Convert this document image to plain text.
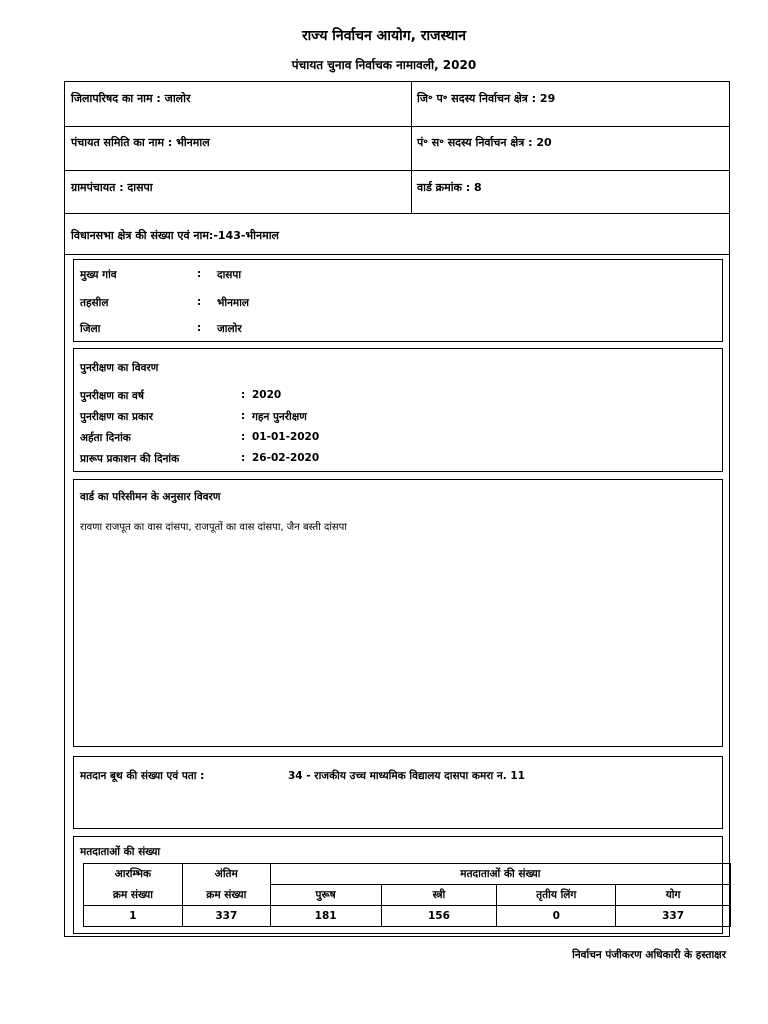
राज्य निर्वाचन आयोग, राजस्थान
पंचायत चुनाव निर्वाचक नामावली, 2020
जिलापरिषद का नाम : जालोर	जि॰ प॰ सदस्य निर्वाचन क्षेत्र : 29
पंचायत समिति का नाम : भीनमाल	पं॰ स॰ सदस्य निर्वाचन क्षेत्र : 20
ग्रामपंचायत : दासपा	वार्ड क्रमांक : 8
विधानसभा क्षेत्र की संख्या एवं नाम:-143-भीनमाल
मुख्य गांव	: दासपा
तहसील	: भीनमाल
जिला	: जालोर
पुनरीक्षण का विवरण
पुनरीक्षण का वर्ष	: 2020
पुनरीक्षण का प्रकार	: गहन पुनरीक्षण
अर्हता दिनांक	: 01-01-2020
प्रारूप प्रकाशन की दिनांक	: 26-02-2020
वार्ड का परिसीमन के अनुसार विवरण
रावणा राजपूत का वास दांसपा, राजपूतों का वास दांसपा, जैन बस्ती दांसपा
मतदान बूथ की संख्या एवं पता :	34 - राजकीय उच्च माध्यमिक विद्यालय दासपा कमरा न. 11
मतदाताओं की संख्या
आरम्भिक	अंतिम	मतदाताओं की संख्या			
क्रम संख्या	क्रम संख्या	पुरूष	स्त्री	तृतीय लिंग	योग
1	337	181	156	0	337
निर्वाचन पंजीकरण अधिकारी के हस्ताक्षर
